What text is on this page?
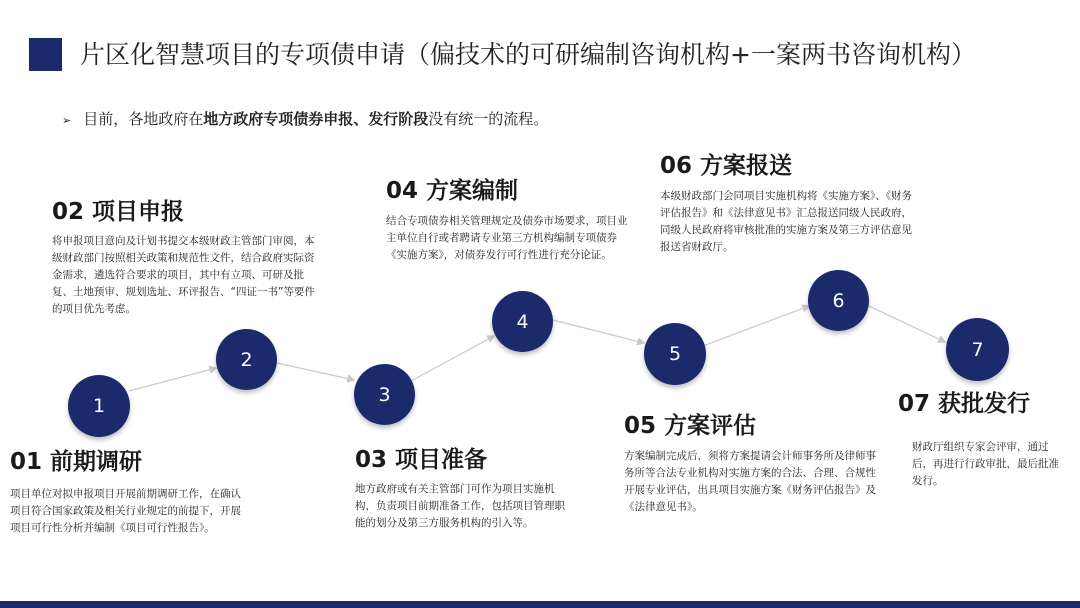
片区化智慧项目的专项债申请（偏技术的可研编制咨询机构+一案两书咨询机构）
➢ 目前，各地政府在地方政府专项债券申报、发行阶段没有统一的流程。
1
2
3
4
5
6
7
01 前期调研
项目单位对拟申报项目开展前期调研工作，在确认项目符合国家政策及相关行业规定的前提下，开展项目可行性分析并编制《项目可行性报告》。
02 项目申报
将申报项目意向及计划书提交本级财政主管部门审阅，本级财政部门按照相关政策和规范性文件，结合政府实际资金需求，遴选符合要求的项目，其中有立项、可研及批复、土地预审、规划选址、环评报告、“四证一书”等要件的项目优先考虑。
03 项目准备
地方政府或有关主管部门可作为项目实施机构，负责项目前期准备工作，包括项目管理职能的划分及第三方服务机构的引入等。
04 方案编制
结合专项债券相关管理规定及债券市场要求，项目业主单位自行或者聘请专业第三方机构编制专项债券《实施方案》，对债券发行可行性进行充分论证。
05 方案评估
方案编制完成后，须将方案提请会计师事务所及律师事务所等合法专业机构对实施方案的合法、合理、合规性开展专业评估，出具项目实施方案《财务评估报告》及《法律意见书》。
06 方案报送
本级财政部门会同项目实施机构将《实施方案》、《财务评估报告》和《法律意见书》汇总报送同级人民政府，同级人民政府将审核批准的实施方案及第三方评估意见报送省财政厅。
07 获批发行
财政厅组织专家会评审，通过后，再进行行政审批，最后批准发行。
